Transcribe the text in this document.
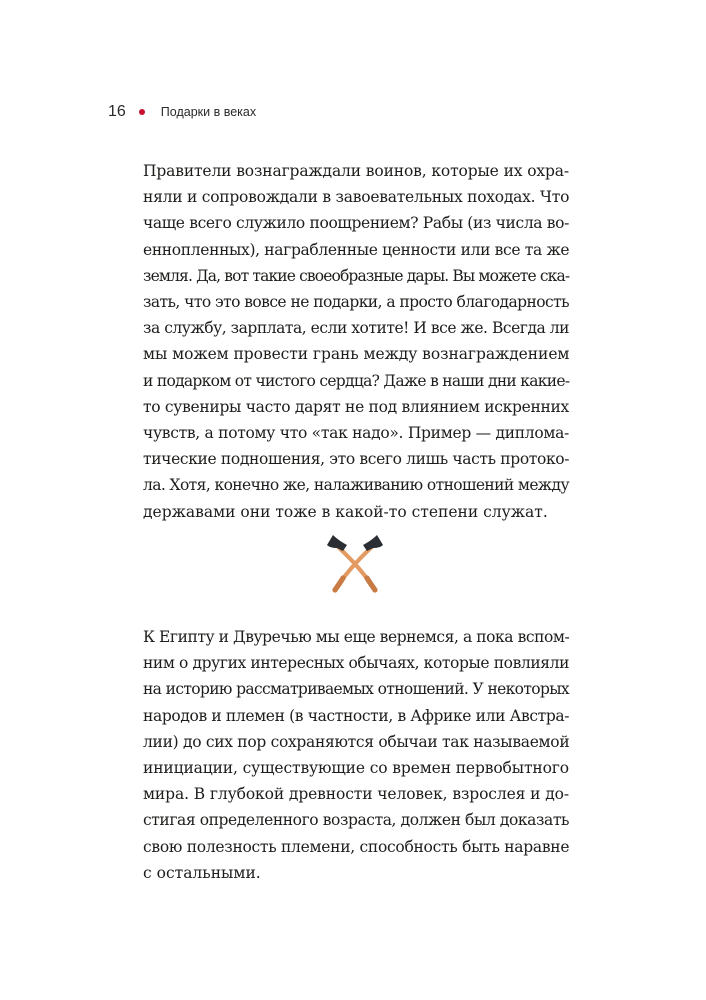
16	Подарки в веках
Правители вознаграждали воинов, которые их охра-
няли и сопровождали в завоевательных походах. Что
чаще всего служило поощрением? Рабы (из числа во-
еннопленных), награбленные ценности или все та же
земля. Да, вот такие своеобразные дары. Вы можете ска-
зать, что это вовсе не подарки, а просто благодарность
за службу, зарплата, если хотите! И все же. Всегда ли
мы можем провести грань между вознаграждением
и подарком от чистого сердца? Даже в наши дни какие-
то сувениры часто дарят не под влиянием искренних
чувств, а потому что «так надо». Пример — диплома-
тические подношения, это всего лишь часть протоко-
ла. Хотя, конечно же, налаживанию отношений между
державами они тоже в какой-то степени служат.
К Египту и Двуречью мы еще вернемся, а пока вспом-
ним о других интересных обычаях, которые повлияли
на историю рассматриваемых отношений. У некоторых
народов и племен (в частности, в Африке или Австра-
лии) до сих пор сохраняются обычаи так называемой
инициации, существующие со времен первобытного
мира. В глубокой древности человек, взрослея и до-
стигая определенного возраста, должен был доказать
свою полезность племени, способность быть наравне
с остальными.
